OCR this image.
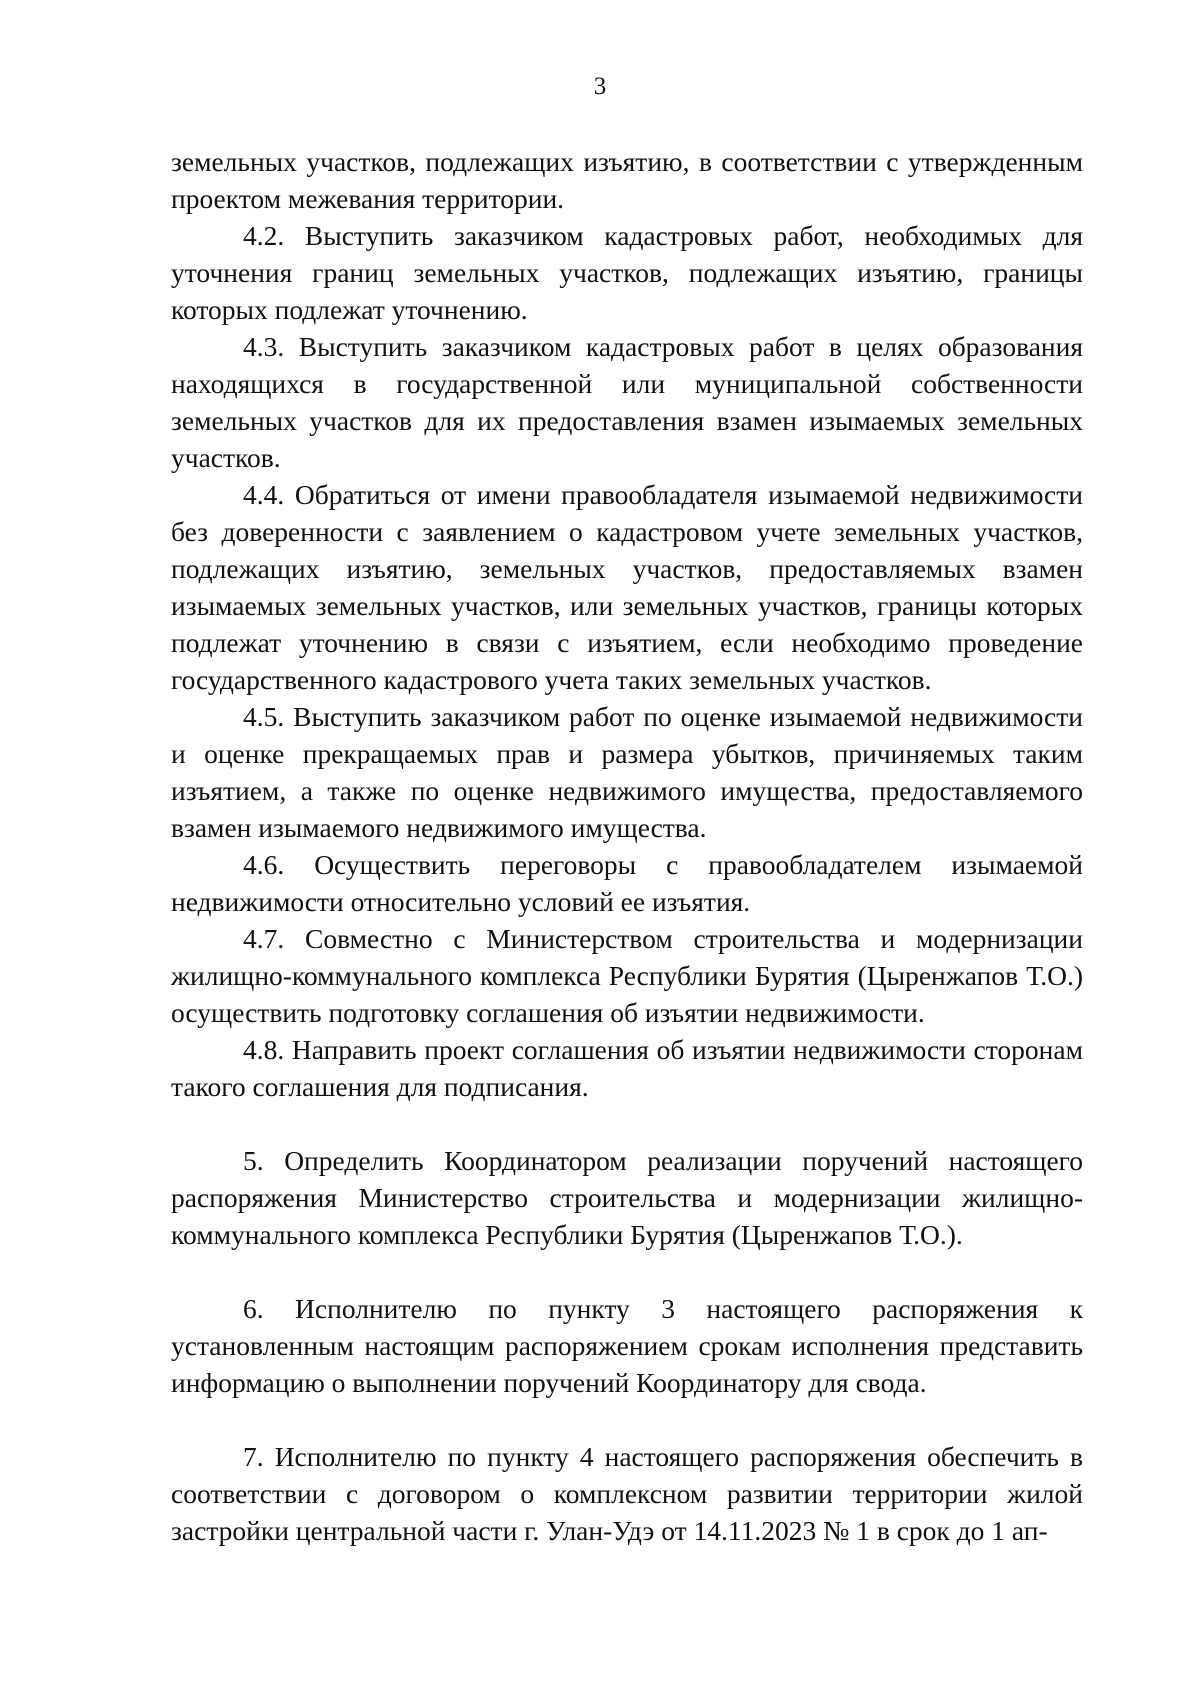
3

земельных участков, подлежащих изъятию, в соответствии с утвержденным проектом межевания территории.

4.2. Выступить заказчиком кадастровых работ, необходимых для уточнения границ земельных участков, подлежащих изъятию, границы которых подлежат уточнению.

4.3. Выступить заказчиком кадастровых работ в целях образования находящихся в государственной или муниципальной собственности земельных участков для их предоставления взамен изымаемых земельных участков.

4.4. Обратиться от имени правообладателя изымаемой недвижимости без доверенности с заявлением о кадастровом учете земельных участков, подлежащих изъятию, земельных участков, предоставляемых взамен изымаемых земельных участков, или земельных участков, границы которых подлежат уточнению в связи с изъятием, если необходимо проведение государственного кадастрового учета таких земельных участков.

4.5. Выступить заказчиком работ по оценке изымаемой недвижимости и оценке прекращаемых прав и размера убытков, причиняемых таким изъятием, а также по оценке недвижимого имущества, предоставляемого взамен изымаемого недвижимого имущества.

4.6. Осуществить переговоры с правообладателем изымаемой недвижимости относительно условий ее изъятия.

4.7. Совместно с Министерством строительства и модернизации жилищно-коммунального комплекса Республики Бурятия (Цыренжапов Т.О.) осуществить подготовку соглашения об изъятии недвижимости.

4.8. Направить проект соглашения об изъятии недвижимости сторонам такого соглашения для подписания.

5. Определить Координатором реализации поручений настоящего распоряжения Министерство строительства и модернизации жилищно-коммунального комплекса Республики Бурятия (Цыренжапов Т.О.).

6. Исполнителю по пункту 3 настоящего распоряжения к установленным настоящим распоряжением срокам исполнения представить информацию о выполнении поручений Координатору для свода.

7. Исполнителю по пункту 4 настоящего распоряжения обеспечить в соответствии с договором о комплексном развитии территории жилой застройки центральной части г. Улан-Удэ от 14.11.2023 № 1 в срок до 1 ап-
